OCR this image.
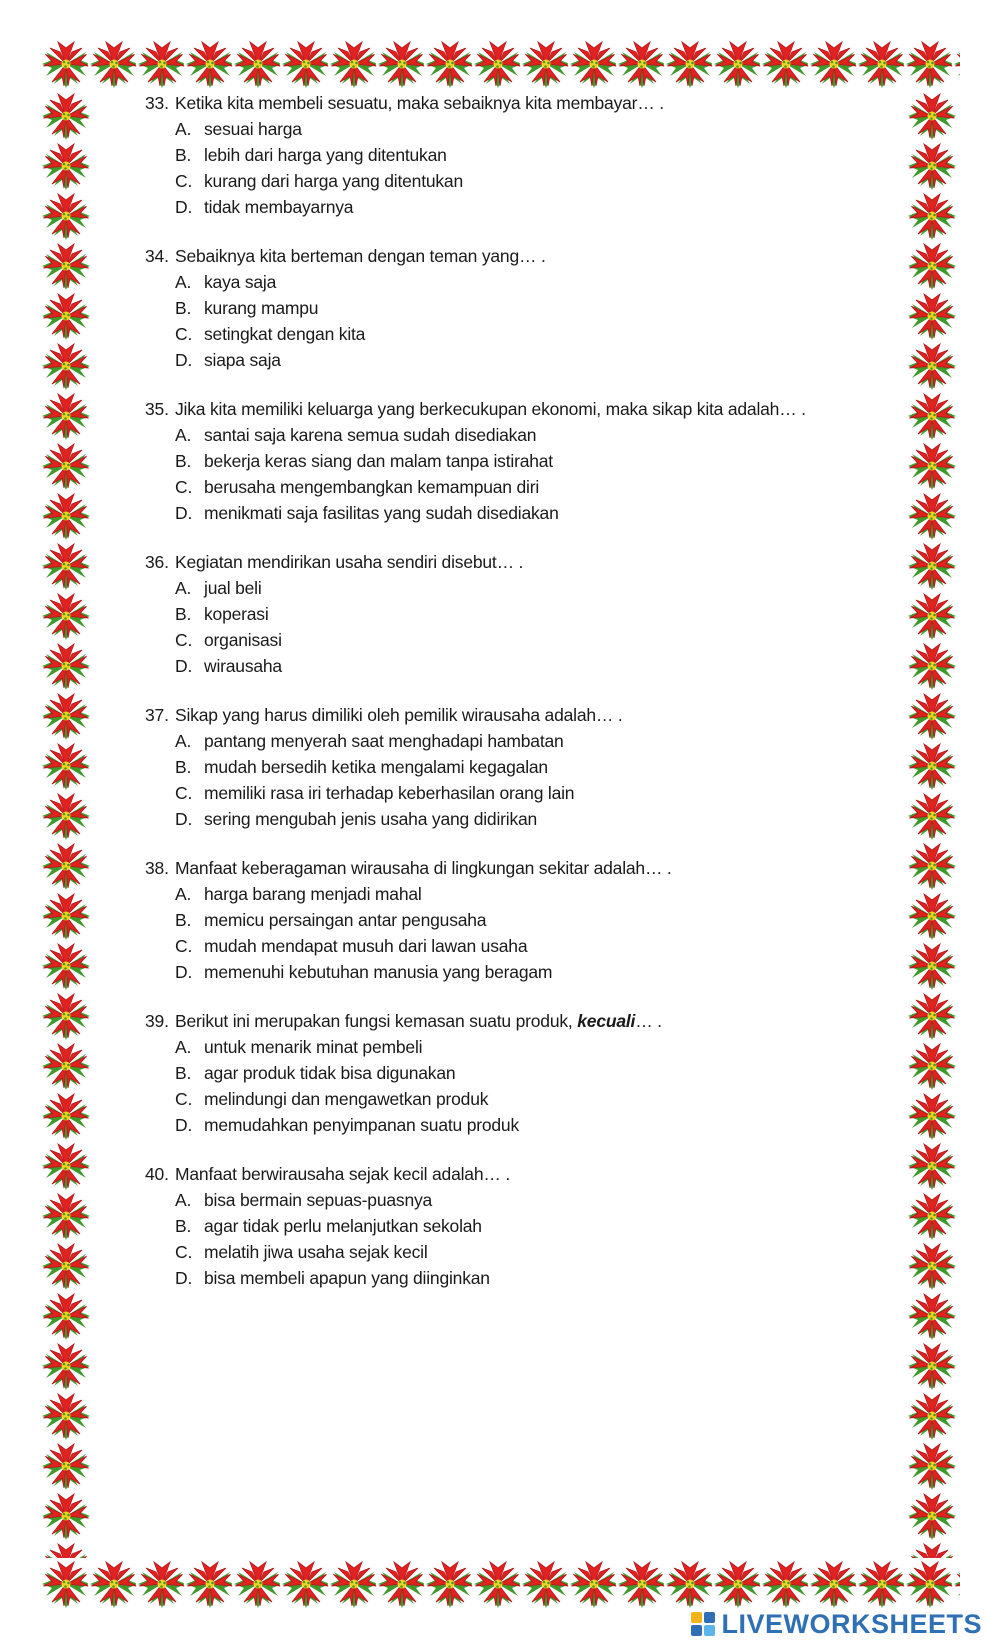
33. Ketika kita membeli sesuatu, maka sebaiknya kita membayar… .
A. sesuai harga
B. lebih dari harga yang ditentukan
C. kurang dari harga yang ditentukan
D. tidak membayarnya
34. Sebaiknya kita berteman dengan teman yang… .
A. kaya saja
B. kurang mampu
C. setingkat dengan kita
D. siapa saja
35. Jika kita memiliki keluarga yang berkecukupan ekonomi, maka sikap kita adalah… .
A. santai saja karena semua sudah disediakan
B. bekerja keras siang dan malam tanpa istirahat
C. berusaha mengembangkan kemampuan diri
D. menikmati saja fasilitas yang sudah disediakan
36. Kegiatan mendirikan usaha sendiri disebut… .
A. jual beli
B. koperasi
C. organisasi
D. wirausaha
37. Sikap yang harus dimiliki oleh pemilik wirausaha adalah… .
A. pantang menyerah saat menghadapi hambatan
B. mudah bersedih ketika mengalami kegagalan
C. memiliki rasa iri terhadap keberhasilan orang lain
D. sering mengubah jenis usaha yang didirikan
38. Manfaat keberagaman wirausaha di lingkungan sekitar adalah… .
A. harga barang menjadi mahal
B. memicu persaingan antar pengusaha
C. mudah mendapat musuh dari lawan usaha
D. memenuhi kebutuhan manusia yang beragam
39. Berikut ini merupakan fungsi kemasan suatu produk, kecuali… .
A. untuk menarik minat pembeli
B. agar produk tidak bisa digunakan
C. melindungi dan mengawetkan produk
D. memudahkan penyimpanan suatu produk
40. Manfaat berwirausaha sejak kecil adalah… .
A. bisa bermain sepuas-puasnya
B. agar tidak perlu melanjutkan sekolah
C. melatih jiwa usaha sejak kecil
D. bisa membeli apapun yang diinginkan
LIVEWORKSHEETS
